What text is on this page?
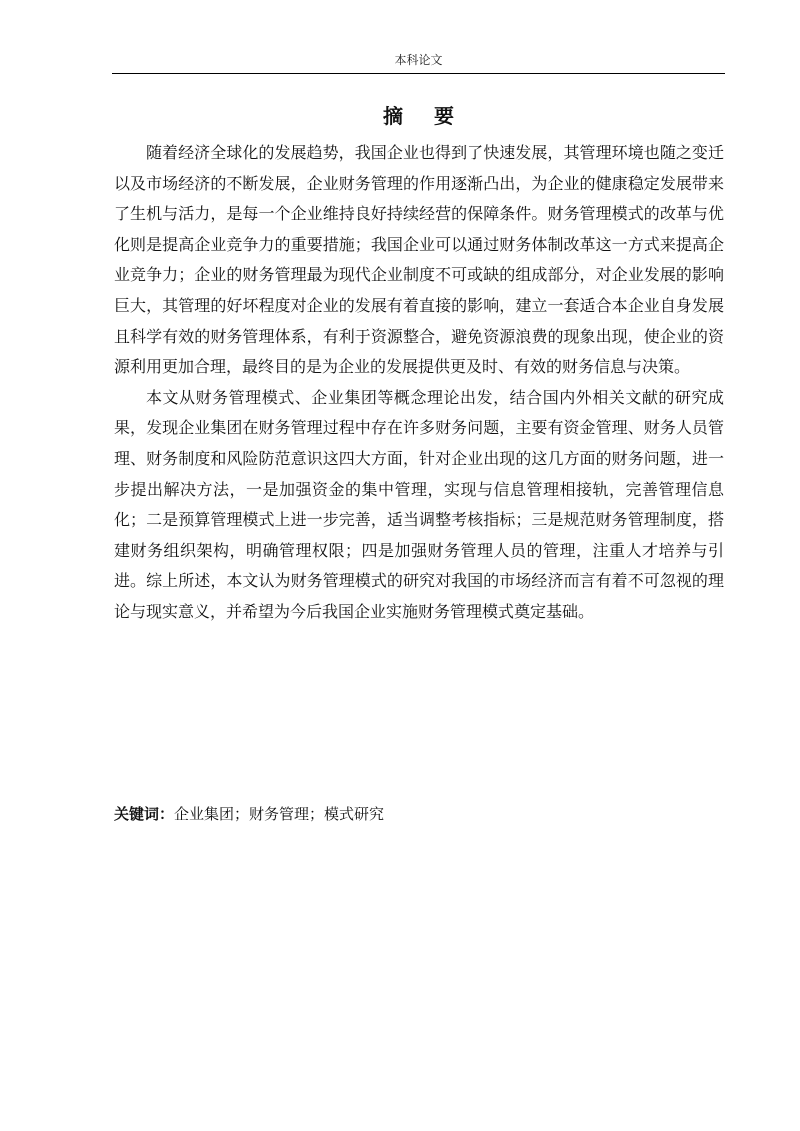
本科论文
摘 要

随着经济全球化的发展趋势，我国企业也得到了快速发展，其管理环境也随之变迁以及市场经济的不断发展，企业财务管理的作用逐渐凸出，为企业的健康稳定发展带来了生机与活力，是每一个企业维持良好持续经营的保障条件。财务管理模式的改革与优化则是提高企业竞争力的重要措施；我国企业可以通过财务体制改革这一方式来提高企业竞争力；企业的财务管理最为现代企业制度不可或缺的组成部分，对企业发展的影响巨大，其管理的好坏程度对企业的发展有着直接的影响，建立一套适合本企业自身发展且科学有效的财务管理体系，有利于资源整合，避免资源浪费的现象出现，使企业的资源利用更加合理，最终目的是为企业的发展提供更及时、有效的财务信息与决策。

本文从财务管理模式、企业集团等概念理论出发，结合国内外相关文献的研究成果，发现企业集团在财务管理过程中存在许多财务问题，主要有资金管理、财务人员管理、财务制度和风险防范意识这四大方面，针对企业出现的这几方面的财务问题，进一步提出解决方法，一是加强资金的集中管理，实现与信息管理相接轨，完善管理信息化；二是预算管理模式上进一步完善，适当调整考核指标；三是规范财务管理制度，搭建财务组织架构，明确管理权限；四是加强财务管理人员的管理，注重人才培养与引进。综上所述，本文认为财务管理模式的研究对我国的市场经济而言有着不可忽视的理论与现实意义，并希望为今后我国企业实施财务管理模式奠定基础。

关键词：企业集团；财务管理；模式研究
